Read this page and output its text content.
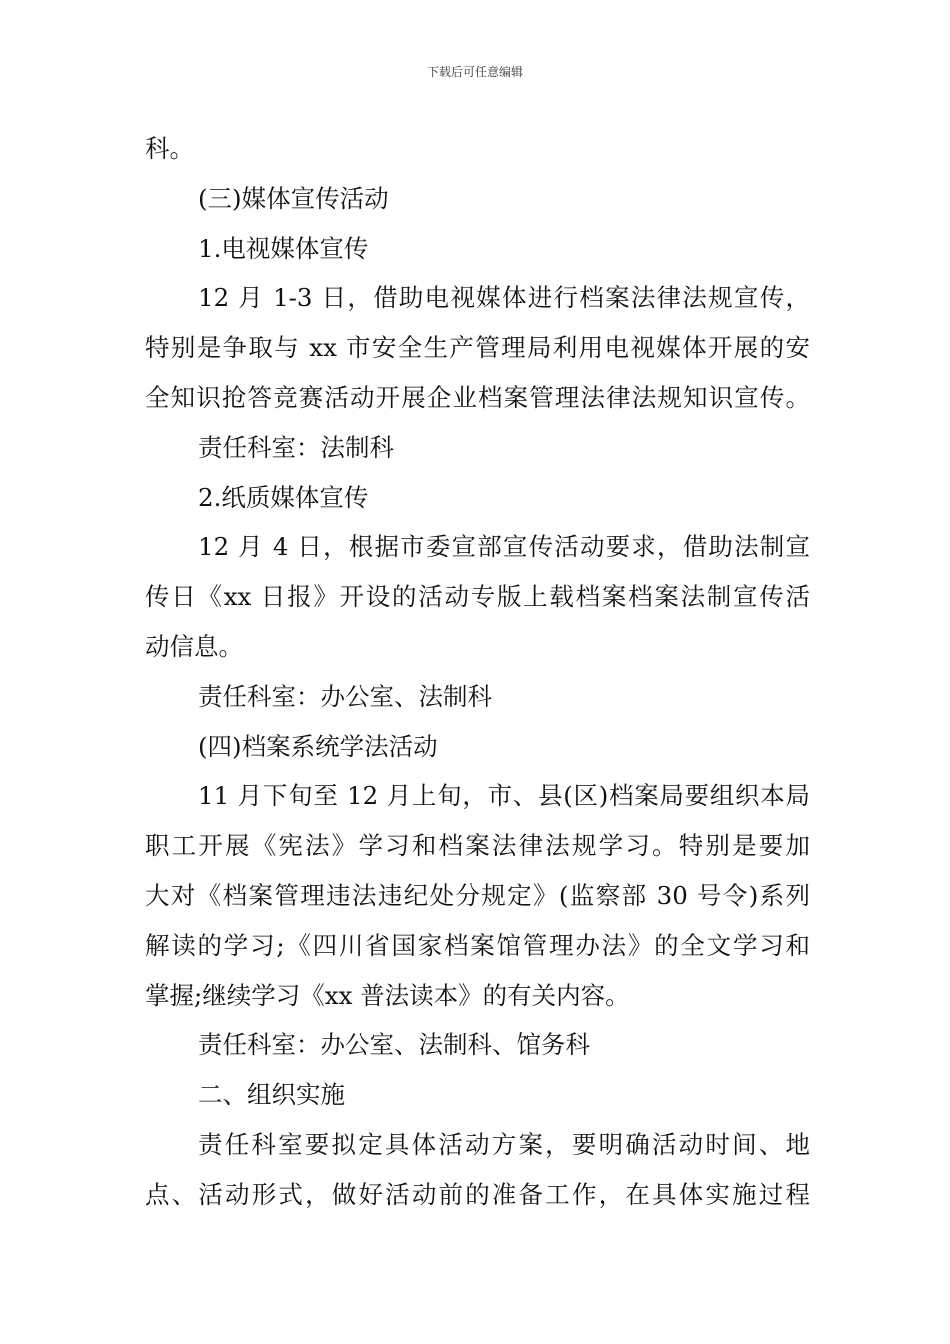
下载后可任意编辑
科。
(三)媒体宣传活动
1.电视媒体宣传
12 月 1-3 日，借助电视媒体进行档案法律法规宣传，
特别是争取与 xx 市安全生产管理局利用电视媒体开展的安
全知识抢答竞赛活动开展企业档案管理法律法规知识宣传。
责任科室：法制科
2.纸质媒体宣传
12 月 4 日，根据市委宣部宣传活动要求，借助法制宣
传日《xx 日报》开设的活动专版上载档案档案法制宣传活
动信息。
责任科室：办公室、法制科
(四)档案系统学法活动
11 月下旬至 12 月上旬，市、县(区)档案局要组织本局
职工开展《宪法》学习和档案法律法规学习。特别是要加
大对《档案管理违法违纪处分规定》(监察部 30 号令)系列
解读的学习;《四川省国家档案馆管理办法》的全文学习和
掌握;继续学习《xx 普法读本》的有关内容。
责任科室：办公室、法制科、馆务科
二、组织实施
责任科室要拟定具体活动方案，要明确活动时间、地
点、活动形式，做好活动前的准备工作，在具体实施过程
